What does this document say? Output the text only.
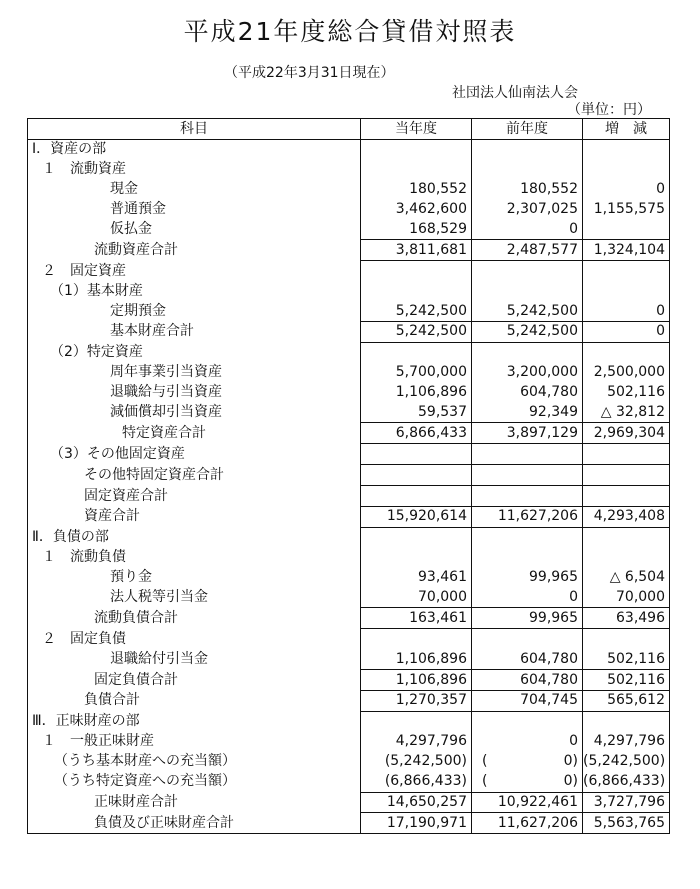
平成21年度総合貸借対照表
（平成22年3月31日現在）
社団法人仙南法人会
（単位：円）
科目	当年度	前年度	増　減
Ⅰ．資産の部			
１　流動資産			
現金	180,552	180,552	0
普通預金	3,462,600	2,307,025	1,155,575
仮払金	168,529	0	
流動資産合計	3,811,681	2,487,577	1,324,104
２　固定資産			
（1）基本財産			
定期預金	5,242,500	5,242,500	0
基本財産合計	5,242,500	5,242,500	0
（2）特定資産			
周年事業引当資産	5,700,000	3,200,000	2,500,000
退職給与引当資産	1,106,896	604,780	502,116
減価償却引当資産	59,537	92,349	△ 32,812
特定資産合計	6,866,433	3,897,129	2,969,304
（3）その他固定資産			
その他特固定資産合計			
固定資産合計			
資産合計	15,920,614	11,627,206	4,293,408
Ⅱ．負債の部			
１　流動負債			
預り金	93,461	99,965	△ 6,504
法人税等引当金	70,000	0	70,000
流動負債合計	163,461	99,965	63,496
２　固定負債			
退職給付引当金	1,106,896	604,780	502,116
固定負債合計	1,106,896	604,780	502,116
負債合計	1,270,357	704,745	565,612
Ⅲ．正味財産の部			
１　一般正味財産	4,297,796	0	4,297,796
（うち基本財産への充当額）	(5,242,500)	( 0)	(5,242,500)
（うち特定資産への充当額）	(6,866,433)	( 0)	(6,866,433)
正味財産合計	14,650,257	10,922,461	3,727,796
負債及び正味財産合計	17,190,971	11,627,206	5,563,765
